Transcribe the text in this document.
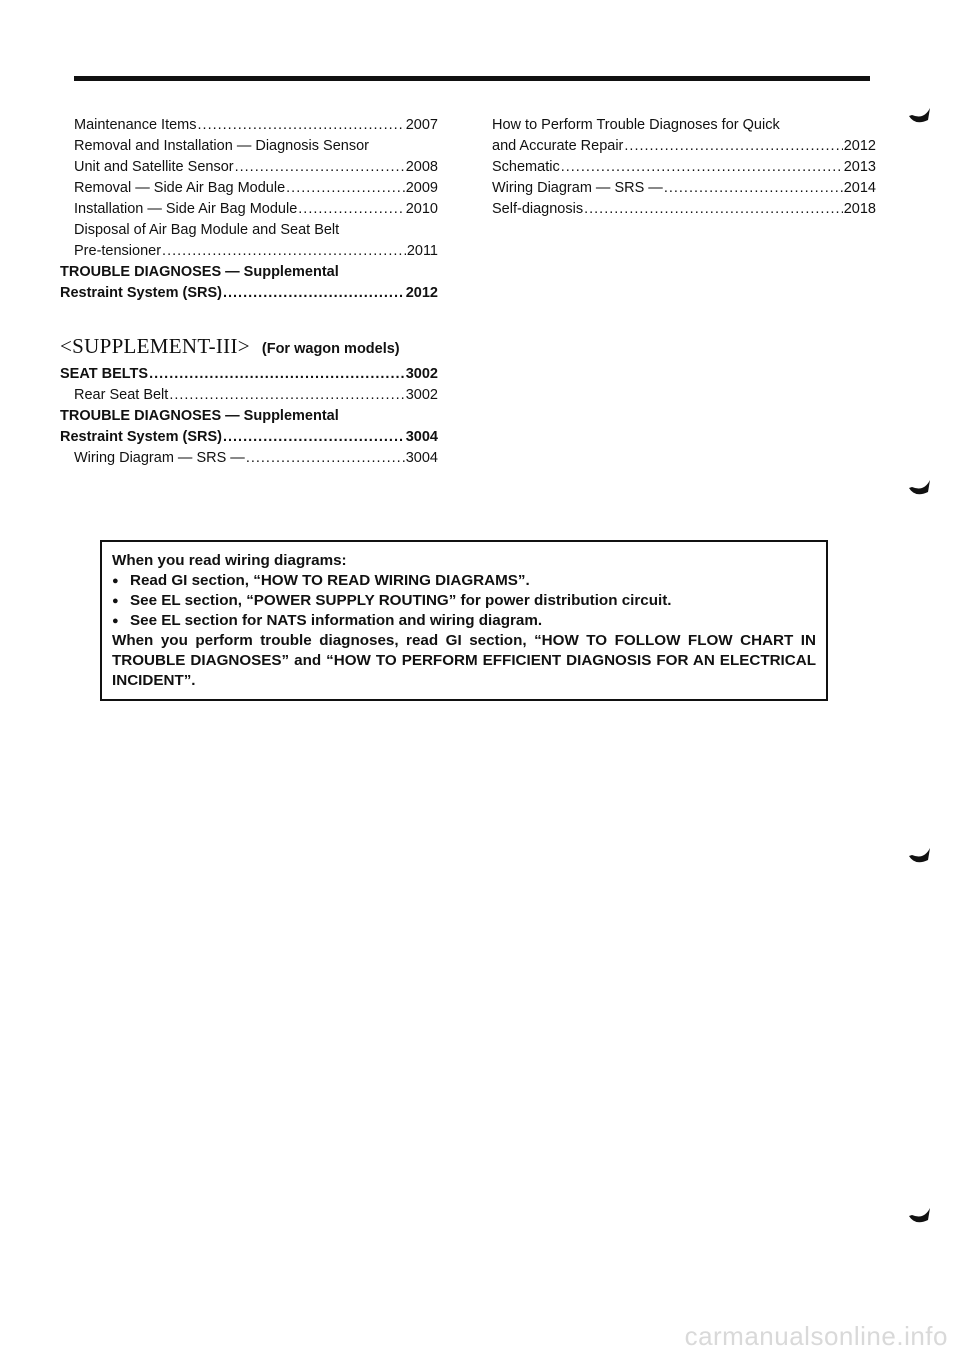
Maintenance Items .....	2007
Removal and Installation — Diagnosis Sensor
Unit and Satellite Sensor .....	2008
Removal — Side Air Bag Module .....	2009
Installation — Side Air Bag Module .....	2010
Disposal of Air Bag Module and Seat Belt
Pre-tensioner .....	2011
TROUBLE DIAGNOSES — Supplemental
Restraint System (SRS) .....	2012
<SUPPLEMENT-III> (For wagon models)
SEAT BELTS .....	3002
Rear Seat Belt .....	3002
TROUBLE DIAGNOSES — Supplemental
Restraint System (SRS) .....	3004
Wiring Diagram — SRS — .....	3004
How to Perform Trouble Diagnoses for Quick
and Accurate Repair .....	2012
Schematic .....	2013
Wiring Diagram — SRS — .....	2014
Self-diagnosis .....	2018

When you read wiring diagrams:

● Read GI section, “HOW TO READ WIRING DIAGRAMS”.
● See EL section, “POWER SUPPLY ROUTING” for power distribution circuit.
● See EL section for NATS information and wiring diagram.

When you perform trouble diagnoses, read GI section, “HOW TO FOLLOW FLOW CHART IN TROUBLE DIAGNOSES” and “HOW TO PERFORM EFFICIENT DIAGNOSIS FOR AN ELECTRICAL INCIDENT”.

carmanualsonline.info
